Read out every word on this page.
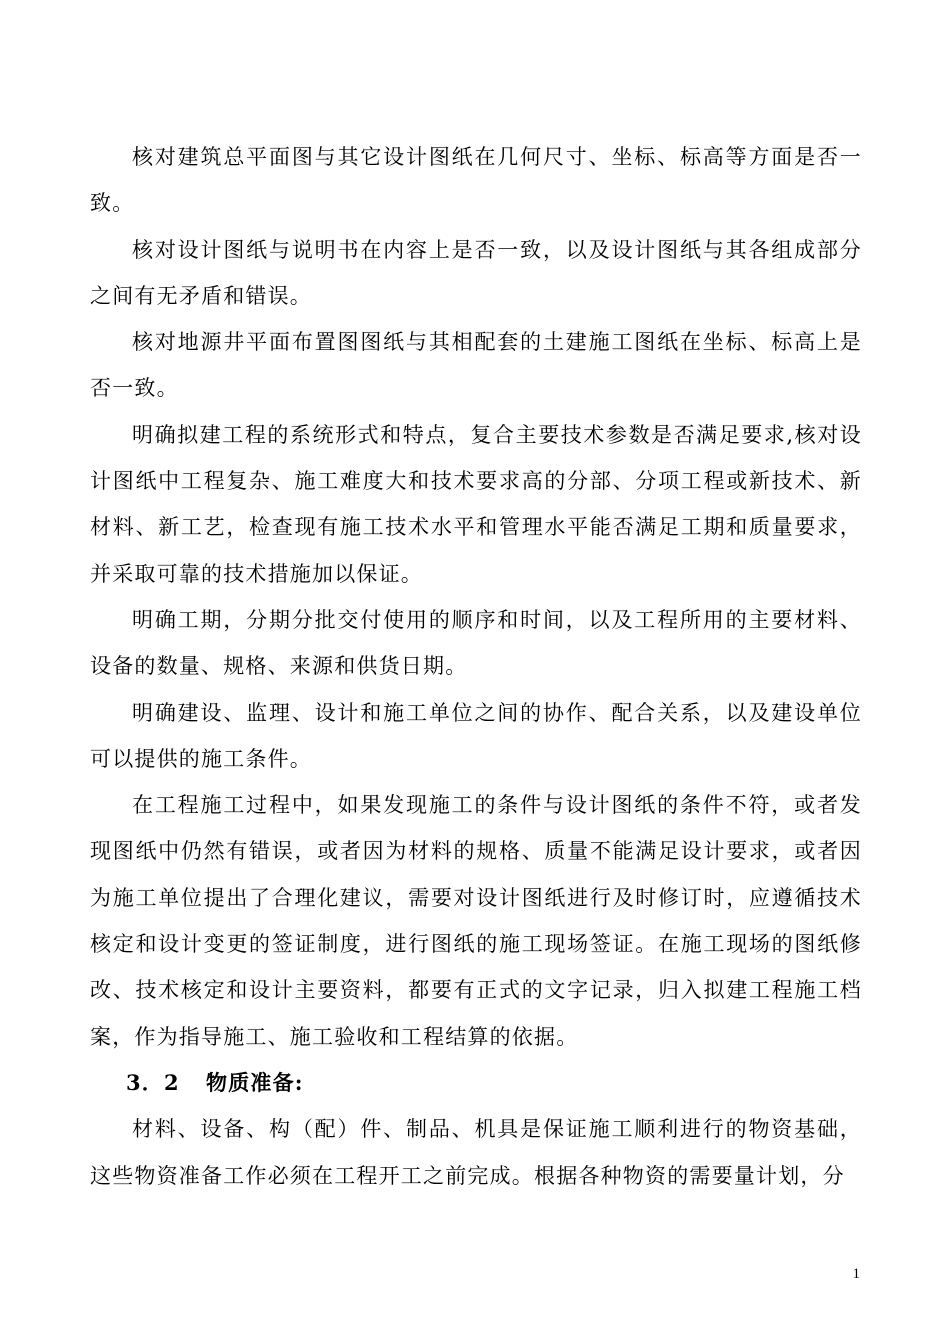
核对建筑总平面图与其它设计图纸在几何尺寸、坐标、标高等方面是否一致。

核对设计图纸与说明书在内容上是否一致，以及设计图纸与其各组成部分之间有无矛盾和错误。

核对地源井平面布置图图纸与其相配套的土建施工图纸在坐标、标高上是否一致。

明确拟建工程的系统形式和特点，复合主要技术参数是否满足要求,核对设计图纸中工程复杂、施工难度大和技术要求高的分部、分项工程或新技术、新材料、新工艺，检查现有施工技术水平和管理水平能否满足工期和质量要求，并采取可靠的技术措施加以保证。

明确工期，分期分批交付使用的顺序和时间，以及工程所用的主要材料、设备的数量、规格、来源和供货日期。

明确建设、监理、设计和施工单位之间的协作、配合关系，以及建设单位可以提供的施工条件。

在工程施工过程中，如果发现施工的条件与设计图纸的条件不符，或者发现图纸中仍然有错误，或者因为材料的规格、质量不能满足设计要求，或者因为施工单位提出了合理化建议，需要对设计图纸进行及时修订时，应遵循技术核定和设计变更的签证制度，进行图纸的施工现场签证。在施工现场的图纸修改、技术核定和设计主要资料，都要有正式的文字记录，归入拟建工程施工档案，作为指导施工、施工验收和工程结算的依据。

3．2 物质准备:

材料、设备、构（配）件、制品、机具是保证施工顺利进行的物资基础，这些物资准备工作必须在工程开工之前完成。根据各种物资的需要量计划，分

1
